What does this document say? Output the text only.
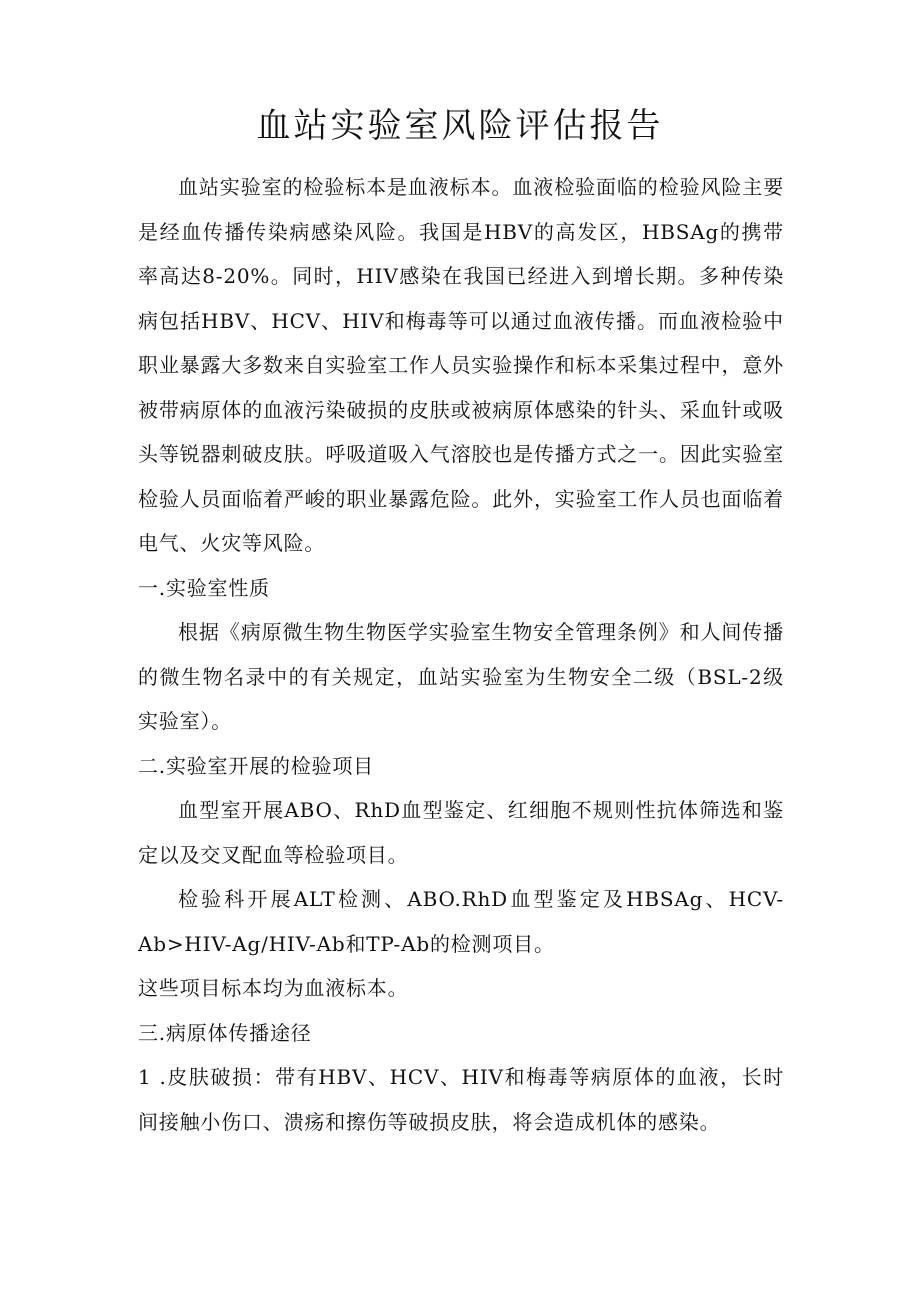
血站实验室风险评估报告

血站实验室的检验标本是血液标本。血液检验面临的检验风险主要是经血传播传染病感染风险。我国是HBV的高发区，HBSAg的携带率高达8-20%。同时，HIV感染在我国已经进入到增长期。多种传染病包括HBV、HCV、HIV和梅毒等可以通过血液传播。而血液检验中职业暴露大多数来自实验室工作人员实验操作和标本采集过程中，意外被带病原体的血液污染破损的皮肤或被病原体感染的针头、采血针或吸头等锐器刺破皮肤。呼吸道吸入气溶胶也是传播方式之一。因此实验室检验人员面临着严峻的职业暴露危险。此外，实验室工作人员也面临着电气、火灾等风险。

一.实验室性质

根据《病原微生物生物医学实验室生物安全管理条例》和人间传播的微生物名录中的有关规定，血站实验室为生物安全二级（BSL-2级实验室）。

二.实验室开展的检验项目

血型室开展ABO、RhD血型鉴定、红细胞不规则性抗体筛选和鉴定以及交叉配血等检验项目。

检验科开展ALT检测、ABO.RhD血型鉴定及HBSAg、HCV-Ab>HIV-Ag/HIV-Ab和TP-Ab的检测项目。

这些项目标本均为血液标本。

三.病原体传播途径

1 .皮肤破损：带有HBV、HCV、HIV和梅毒等病原体的血液，长时间接触小伤口、溃疡和擦伤等破损皮肤，将会造成机体的感染。
